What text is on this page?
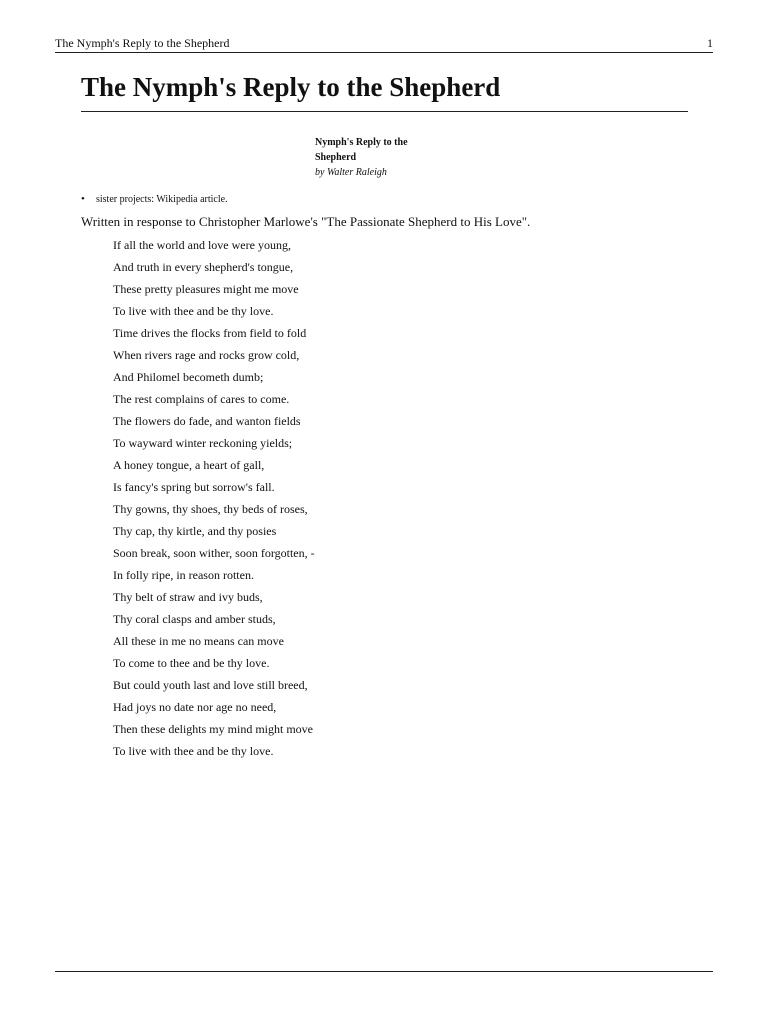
The Nymph's Reply to the Shepherd	1
The Nymph's Reply to the Shepherd
Nymph's Reply to the
Shepherd
by Walter Raleigh
• sister projects: Wikipedia article.
Written in response to Christopher Marlowe's "The Passionate Shepherd to His Love".
If all the world and love were young,
And truth in every shepherd's tongue,
These pretty pleasures might me move
To live with thee and be thy love.
Time drives the flocks from field to fold
When rivers rage and rocks grow cold,
And Philomel becometh dumb;
The rest complains of cares to come.
The flowers do fade, and wanton fields
To wayward winter reckoning yields;
A honey tongue, a heart of gall,
Is fancy's spring but sorrow's fall.
Thy gowns, thy shoes, thy beds of roses,
Thy cap, thy kirtle, and thy posies
Soon break, soon wither, soon forgotten, -
In folly ripe, in reason rotten.
Thy belt of straw and ivy buds,
Thy coral clasps and amber studs,
All these in me no means can move
To come to thee and be thy love.
But could youth last and love still breed,
Had joys no date nor age no need,
Then these delights my mind might move
To live with thee and be thy love.
